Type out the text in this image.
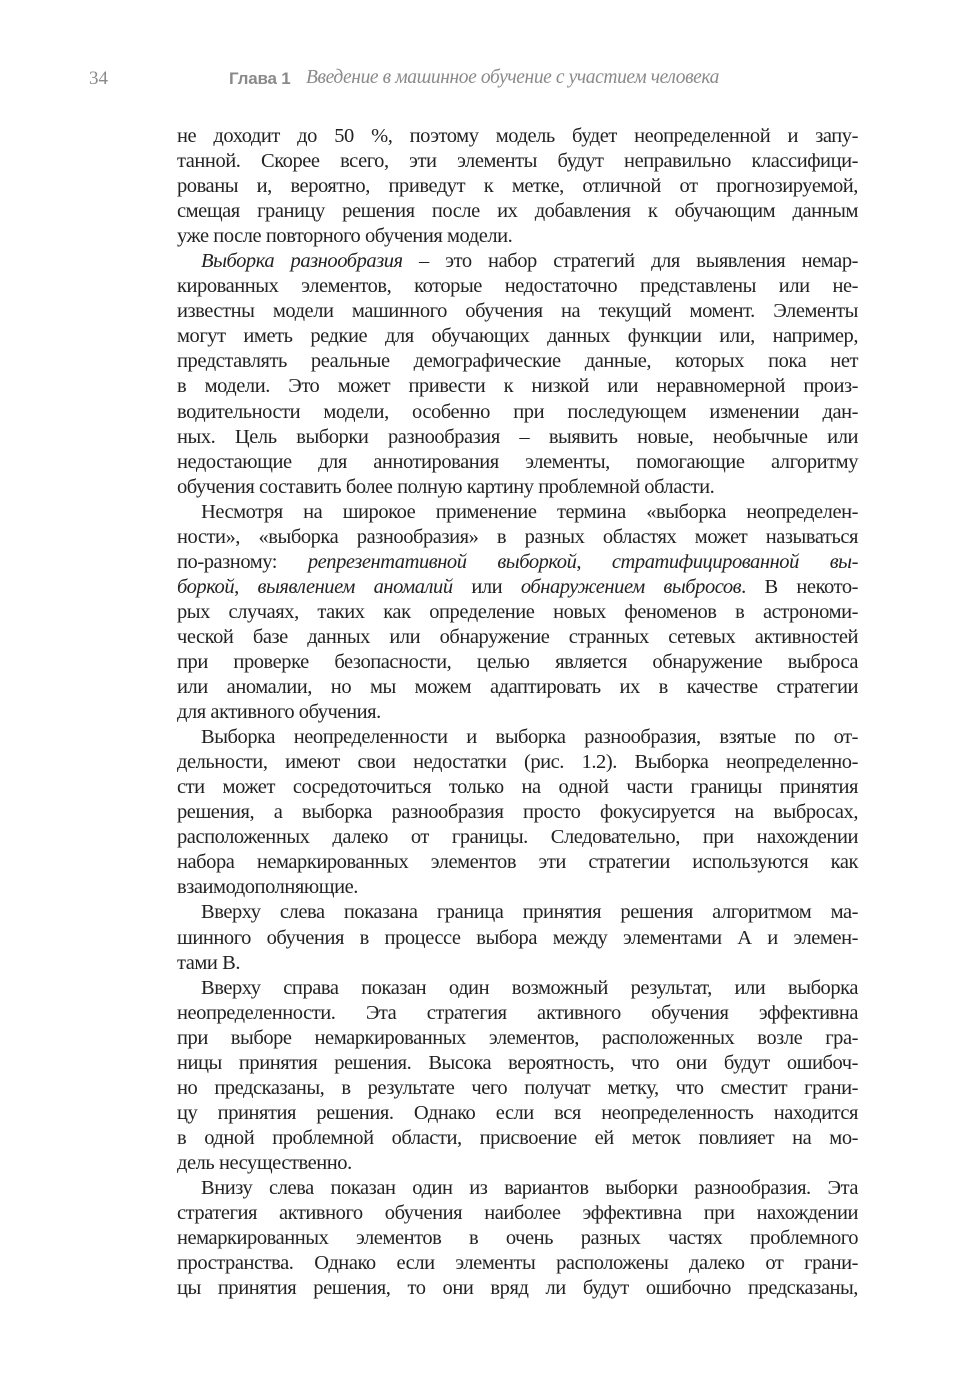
34	Глава 1 Введение в машинное обучение с участием человека
не доходит до 50 %, поэтому модель будет неопределенной и запу-
танной. Скорее всего, эти элементы будут неправильно классифици-
рованы и, вероятно, приведут к метке, отличной от прогнозируемой,
смещая границу решения после их добавления к обучающим данным
уже после повторного обучения модели.
Выборка разнообразия – это набор стратегий для выявления немар-
кированных элементов, которые недостаточно представлены или не-
известны модели машинного обучения на текущий момент. Элементы
могут иметь редкие для обучающих данных функции или, например,
представлять реальные демографические данные, которых пока нет
в модели. Это может привести к низкой или неравномерной произ-
водительности модели, особенно при последующем изменении дан-
ных. Цель выборки разнообразия – выявить новые, необычные или
недостающие для аннотирования элементы, помогающие алгоритму
обучения составить более полную картину проблемной области.
Несмотря на широкое применение термина «выборка неопределен-
ности», «выборка разнообразия» в разных областях может называться
по-разному: репрезентативной выборкой, стратифицированной вы-
боркой, выявлением аномалий или обнаружением выбросов. В некото-
рых случаях, таких как определение новых феноменов в астрономи-
ческой базе данных или обнаружение странных сетевых активностей
при проверке безопасности, целью является обнаружение выброса
или аномалии, но мы можем адаптировать их в качестве стратегии
для активного обучения.
Выборка неопределенности и выборка разнообразия, взятые по от-
дельности, имеют свои недостатки (рис. 1.2). Выборка неопределенно-
сти может сосредоточиться только на одной части границы принятия
решения, а выборка разнообразия просто фокусируется на выбросах,
расположенных далеко от границы. Следовательно, при нахождении
набора немаркированных элементов эти стратегии используются как
взаимодополняющие.
Вверху слева показана граница принятия решения алгоритмом ма-
шинного обучения в процессе выбора между элементами А и элемен-
тами В.
Вверху справа показан один возможный результат, или выборка
неопределенности. Эта стратегия активного обучения эффективна
при выборе немаркированных элементов, расположенных возле гра-
ницы принятия решения. Высока вероятность, что они будут ошибоч-
но предсказаны, в результате чего получат метку, что сместит грани-
цу принятия решения. Однако если вся неопределенность находится
в одной проблемной области, присвоение ей меток повлияет на мо-
дель несущественно.
Внизу слева показан один из вариантов выборки разнообразия. Эта
стратегия активного обучения наиболее эффективна при нахождении
немаркированных элементов в очень разных частях проблемного
пространства. Однако если элементы расположены далеко от грани-
цы принятия решения, то они вряд ли будут ошибочно предсказаны,
